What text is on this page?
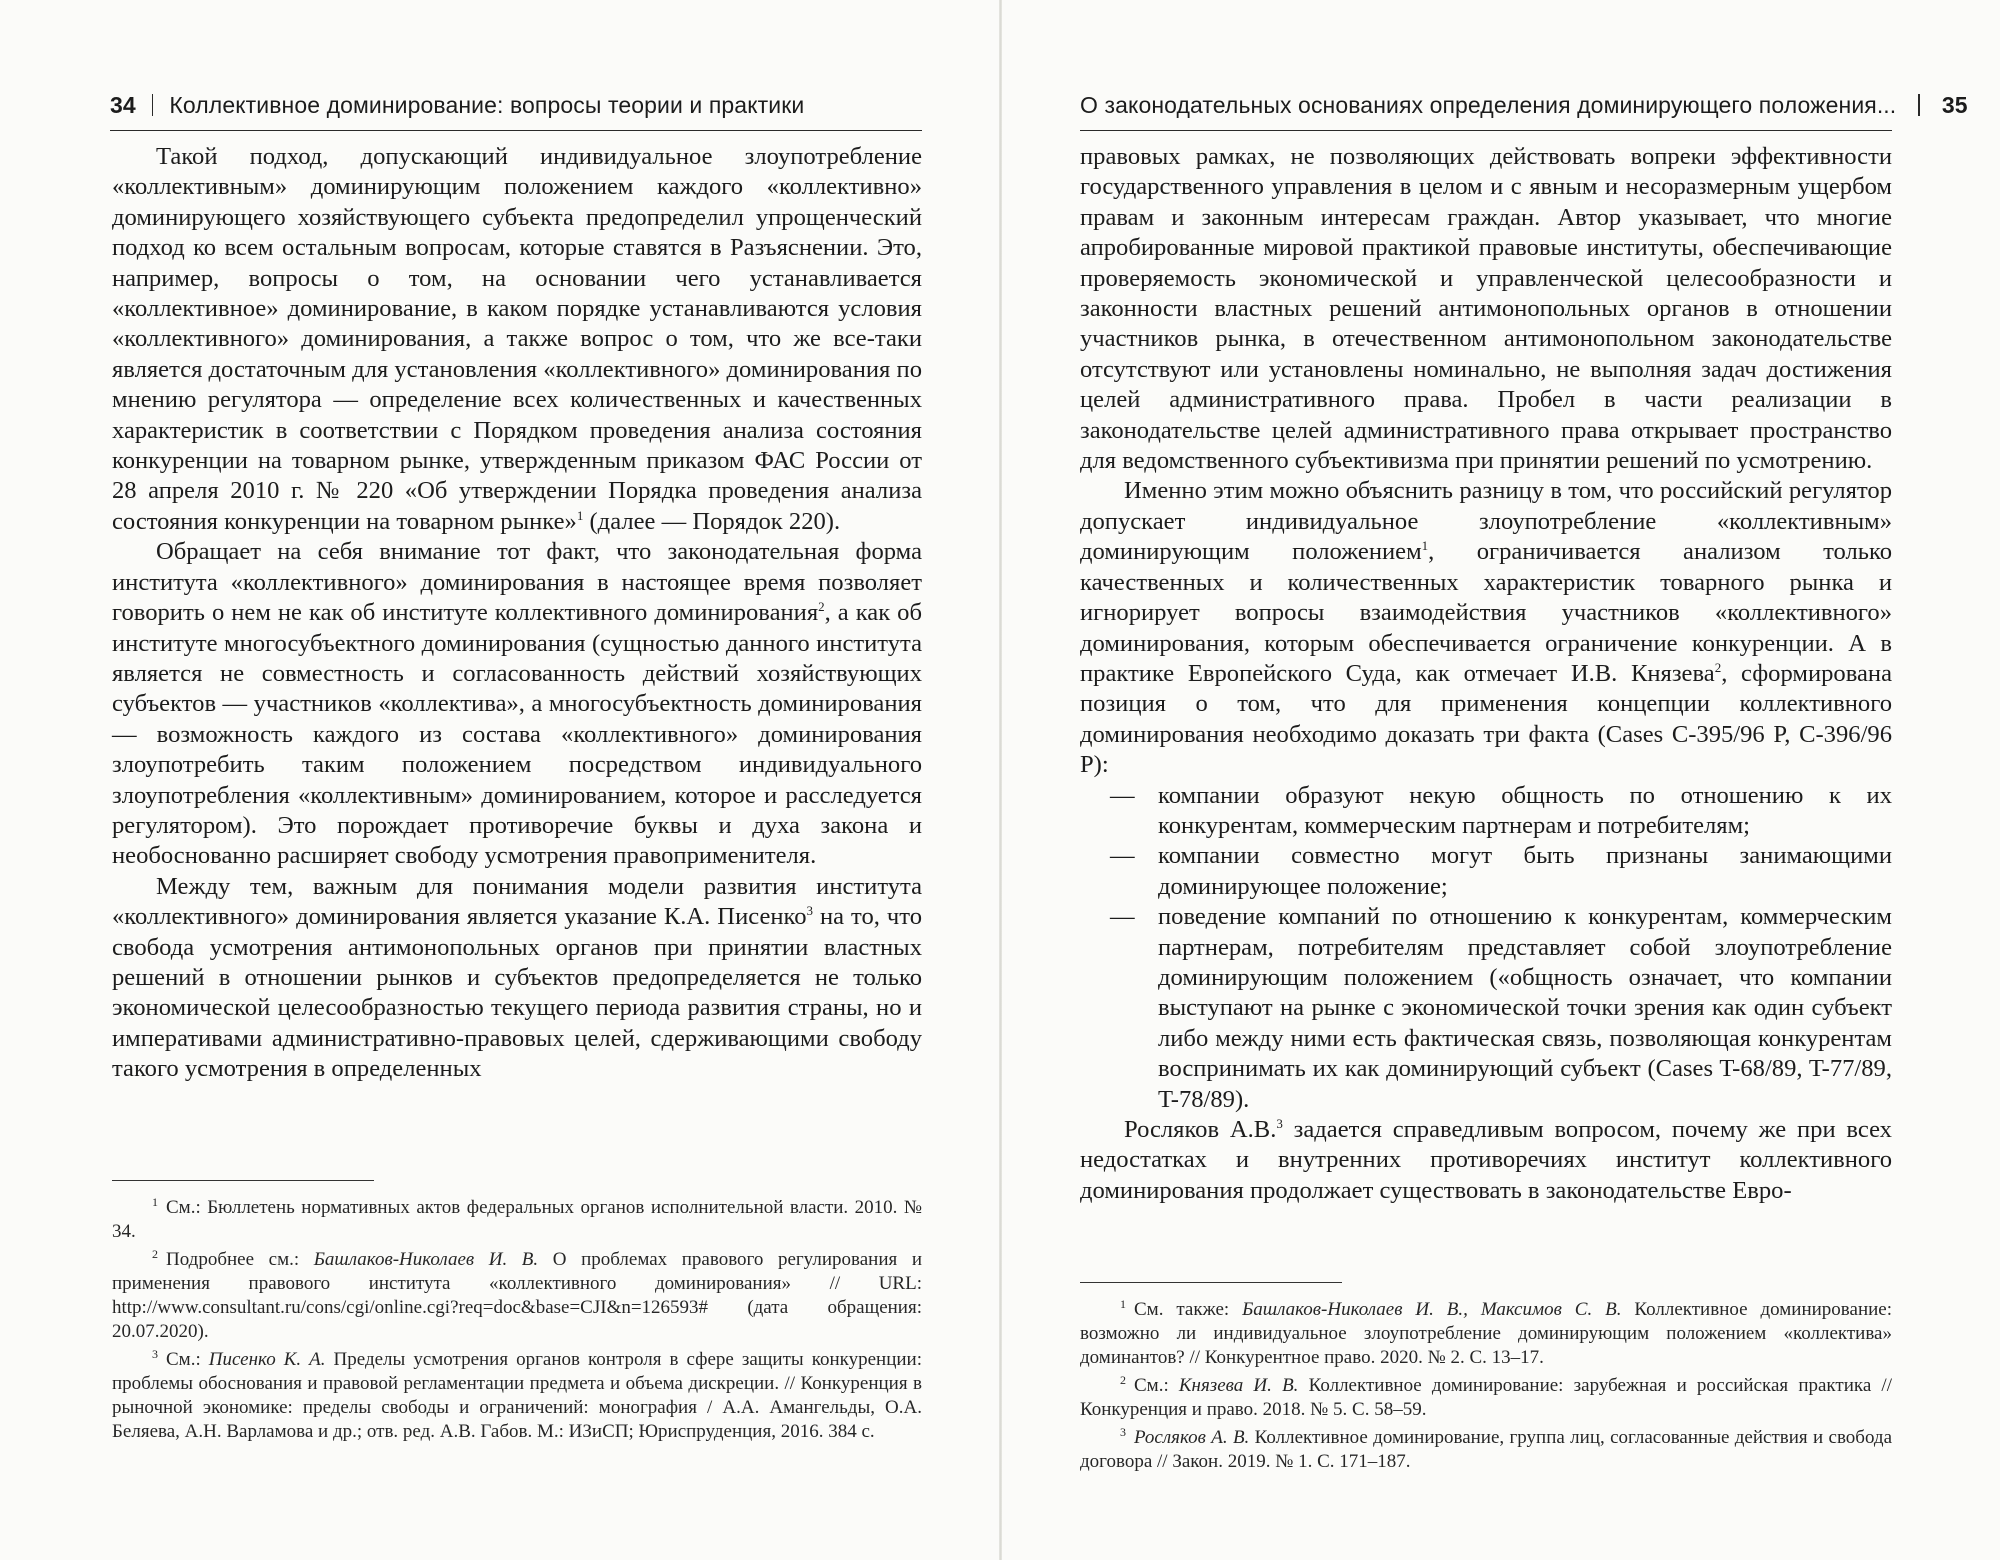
34 Коллективное доминирование: вопросы теории и практики

Такой подход, допускающий индивидуальное злоупотребление «коллективным» доминирующим положением каждого «коллективно» доминирующего хозяйствующего субъекта предопределил упрощенческий подход ко всем остальным вопросам, которые ставятся в Разъяснении. Это, например, вопросы о том, на основании чего устанавливается «коллективное» доминирование, в каком порядке устанавливаются условия «коллективного» доминирования, а также вопрос о том, что же все-таки является достаточным для установления «коллективного» доминирования по мнению регулятора — определение всех количественных и качественных характеристик в соответствии с Порядком проведения анализа состояния конкуренции на товарном рынке, утвержденным приказом ФАС России от 28 апреля 2010 г. № 220 «Об утверждении Порядка проведения анализа состояния конкуренции на товарном рынке»$^1$ (далее — Порядок 220).

Обращает на себя внимание тот факт, что законодательная форма института «коллективного» доминирования в настоящее время позволяет говорить о нем не как об институте коллективного доминирования$^2$, а как об институте многосубъектного доминирования (сущностью данного института является не совместность и согласованность действий хозяйствующих субъектов — участников «коллектива», а многосубъектность доминирования — возможность каждого из состава «коллективного» доминирования злоупотребить таким положением посредством индивидуального злоупотребления «коллективным» доминированием, которое и расследуется регулятором). Это порождает противоречие буквы и духа закона и необоснованно расширяет свободу усмотрения правоприменителя.

Между тем, важным для понимания модели развития института «коллективного» доминирования является указание К.А. Писенко$^3$ на то, что свобода усмотрения антимонопольных органов при принятии властных решений в отношении рынков и субъектов предопределяется не только экономической целесообразностью текущего периода развития страны, но и императивами административно-правовых целей, сдерживающими свободу такого усмотрения в определенных

$^1$ См.: Бюллетень нормативных актов федеральных органов исполнительной власти. 2010. № 34.

$^2$ Подробнее см.: Башлаков-Николаев И. В. О проблемах правового регулирования и применения правового института «коллективного доминирования» // URL: http://www.consultant.ru/cons/cgi/online.cgi?req=doc&base=CJI&n=126593# (дата обращения: 20.07.2020).

$^3$ См.: Писенко К. А. Пределы усмотрения органов контроля в сфере защиты конкуренции: проблемы обоснования и правовой регламентации предмета и объема дискреции. // Конкуренция в рыночной экономике: пределы свободы и ограничений: монография / А.А. Амангельды, О.А. Беляева, А.Н. Варламова и др.; отв. ред. А.В. Габов. М.: ИЗиСП; Юриспруденция, 2016. 384 с.

О законодательных основаниях определения доминирующего положения... 35

правовых рамках, не позволяющих действовать вопреки эффективности государственного управления в целом и с явным и несоразмерным ущербом правам и законным интересам граждан. Автор указывает, что многие апробированные мировой практикой правовые институты, обеспечивающие проверяемость экономической и управленческой целесообразности и законности властных решений антимонопольных органов в отношении участников рынка, в отечественном антимонопольном законодательстве отсутствуют или установлены номинально, не выполняя задач достижения целей административного права. Пробел в части реализации в законодательстве целей административного права открывает пространство для ведомственного субъективизма при принятии решений по усмотрению.

Именно этим можно объяснить разницу в том, что российский регулятор допускает индивидуальное злоупотребление «коллективным» доминирующим положением$^1$, ограничивается анализом только качественных и количественных характеристик товарного рынка и игнорирует вопросы взаимодействия участников «коллективного» доминирования, которым обеспечивается ограничение конкуренции. А в практике Европейского Суда, как отмечает И.В. Князева$^2$, сформирована позиция о том, что для применения концепции коллективного доминирования необходимо доказать три факта (Cases C-395/96 P, C-396/96 P):

— компании образуют некую общность по отношению к их конкурентам, коммерческим партнерам и потребителям;
— компании совместно могут быть признаны занимающими доминирующее положение;
— поведение компаний по отношению к конкурентам, коммерческим партнерам, потребителям представляет собой злоупотребление доминирующим положением («общность означает, что компании выступают на рынке с экономической точки зрения как один субъект либо между ними есть фактическая связь, позволяющая конкурентам воспринимать их как доминирующий субъект (Cases T-68/89, T-77/89, T-78/89).

Росляков А.В.$^3$ задается справедливым вопросом, почему же при всех недостатках и внутренних противоречиях институт коллективного доминирования продолжает существовать в законодательстве Евро-

$^1$ См. также: Башлаков-Николаев И. В., Максимов С. В. Коллективное доминирование: возможно ли индивидуальное злоупотребление доминирующим положением «коллектива» доминантов? // Конкурентное право. 2020. № 2. С. 13–17.

$^2$ См.: Князева И. В. Коллективное доминирование: зарубежная и российская практика // Конкуренция и право. 2018. № 5. С. 58–59.

$^3$ Росляков А. В. Коллективное доминирование, группа лиц, согласованные действия и свобода договора // Закон. 2019. № 1. С. 171–187.
